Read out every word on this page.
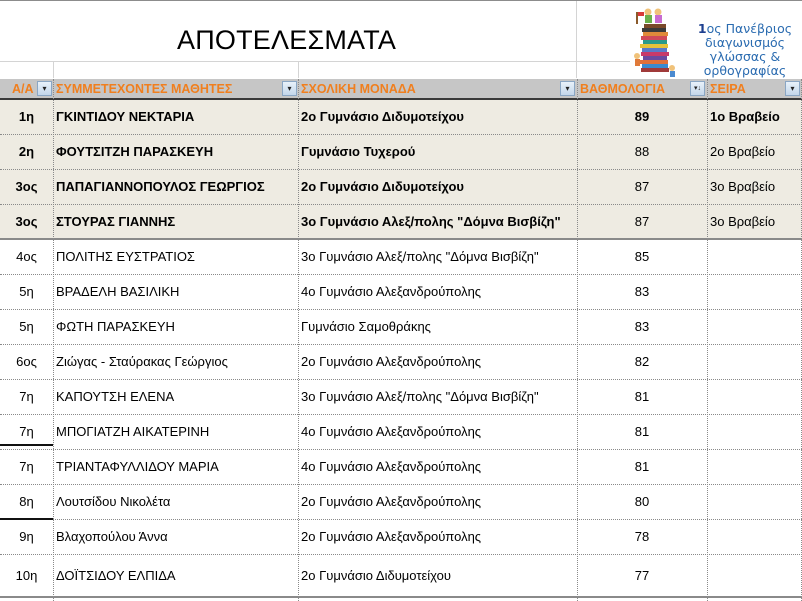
ΑΠΟΤΕΛΕΣΜΑΤΑ	1ος Πανέβριος
διαγωνισμός
γλώσσας &
ορθογραφίας
Α/Α	▾ ΣΥΜΜΕΤΕΧΟΝΤΕΣ ΜΑΘΗΤΕΣ	▾ ΣΧΟΛΙΚΗ ΜΟΝΑΔΑ	▾ ΒΑΘΜΟΛΟΓΙΑ	▾↓ ΣΕΙΡΑ	▾
1η	ΓΚΙΝΤΙΔΟΥ ΝΕΚΤΑΡΙΑ	2ο Γυμνάσιο Διδυμοτείχου	89	1ο Βραβείο
2η	ΦΟΥΤΣΙΤΖΗ ΠΑΡΑΣΚΕΥΗ	Γυμνάσιο Τυχερού	88	2ο Βραβείο
3ος	ΠΑΠΑΓΙΑΝΝΟΠΟΥΛΟΣ ΓΕΩΡΓΙΟΣ	2ο Γυμνάσιο Διδυμοτείχου	87	3ο Βραβείο
3ος	ΣΤΟΥΡΑΣ ΓΙΑΝΝΗΣ	3ο Γυμνάσιο Αλεξ/πολης "Δόμνα Βισβίζη"	87	3ο Βραβείο
4ος	ΠΟΛΙΤΗΣ ΕΥΣΤΡΑΤΙΟΣ	3ο Γυμνάσιο Αλεξ/πολης "Δόμνα Βισβίζη"	85
5η	ΒΡΑΔΕΛΗ ΒΑΣΙΛΙΚΗ	4ο Γυμνάσιο Αλεξανδρούπολης	83
5η	ΦΩΤΗ ΠΑΡΑΣΚΕΥΗ	Γυμνάσιο Σαμοθράκης	83
6ος	Ζιώγας - Σταύρακας Γεώργιος	2ο Γυμνάσιο Αλεξανδρούπολης	82
7η	ΚΑΠΟΥΤΣΗ ΕΛΕΝΑ	3ο Γυμνάσιο Αλεξ/πολης "Δόμνα Βισβίζη"	81
7η	ΜΠΟΓΙΑΤΖΗ ΑΙΚΑΤΕΡΙΝΗ	4ο Γυμνάσιο Αλεξανδρούπολης	81
7η	ΤΡΙΑΝΤΑΦΥΛΛΙΔΟΥ ΜΑΡΙΑ	4ο Γυμνάσιο Αλεξανδρούπολης	81
8η	Λουτσίδου Νικολέτα	2ο Γυμνάσιο Αλεξανδρούπολης	80
9η	Βλαχοπούλου Άννα	2ο Γυμνάσιο Αλεξανδρούπολης	78
10η	ΔΟΪΤΣΙΔΟΥ ΕΛΠΙΔΑ	2ο Γυμνάσιο Διδυμοτείχου	77
